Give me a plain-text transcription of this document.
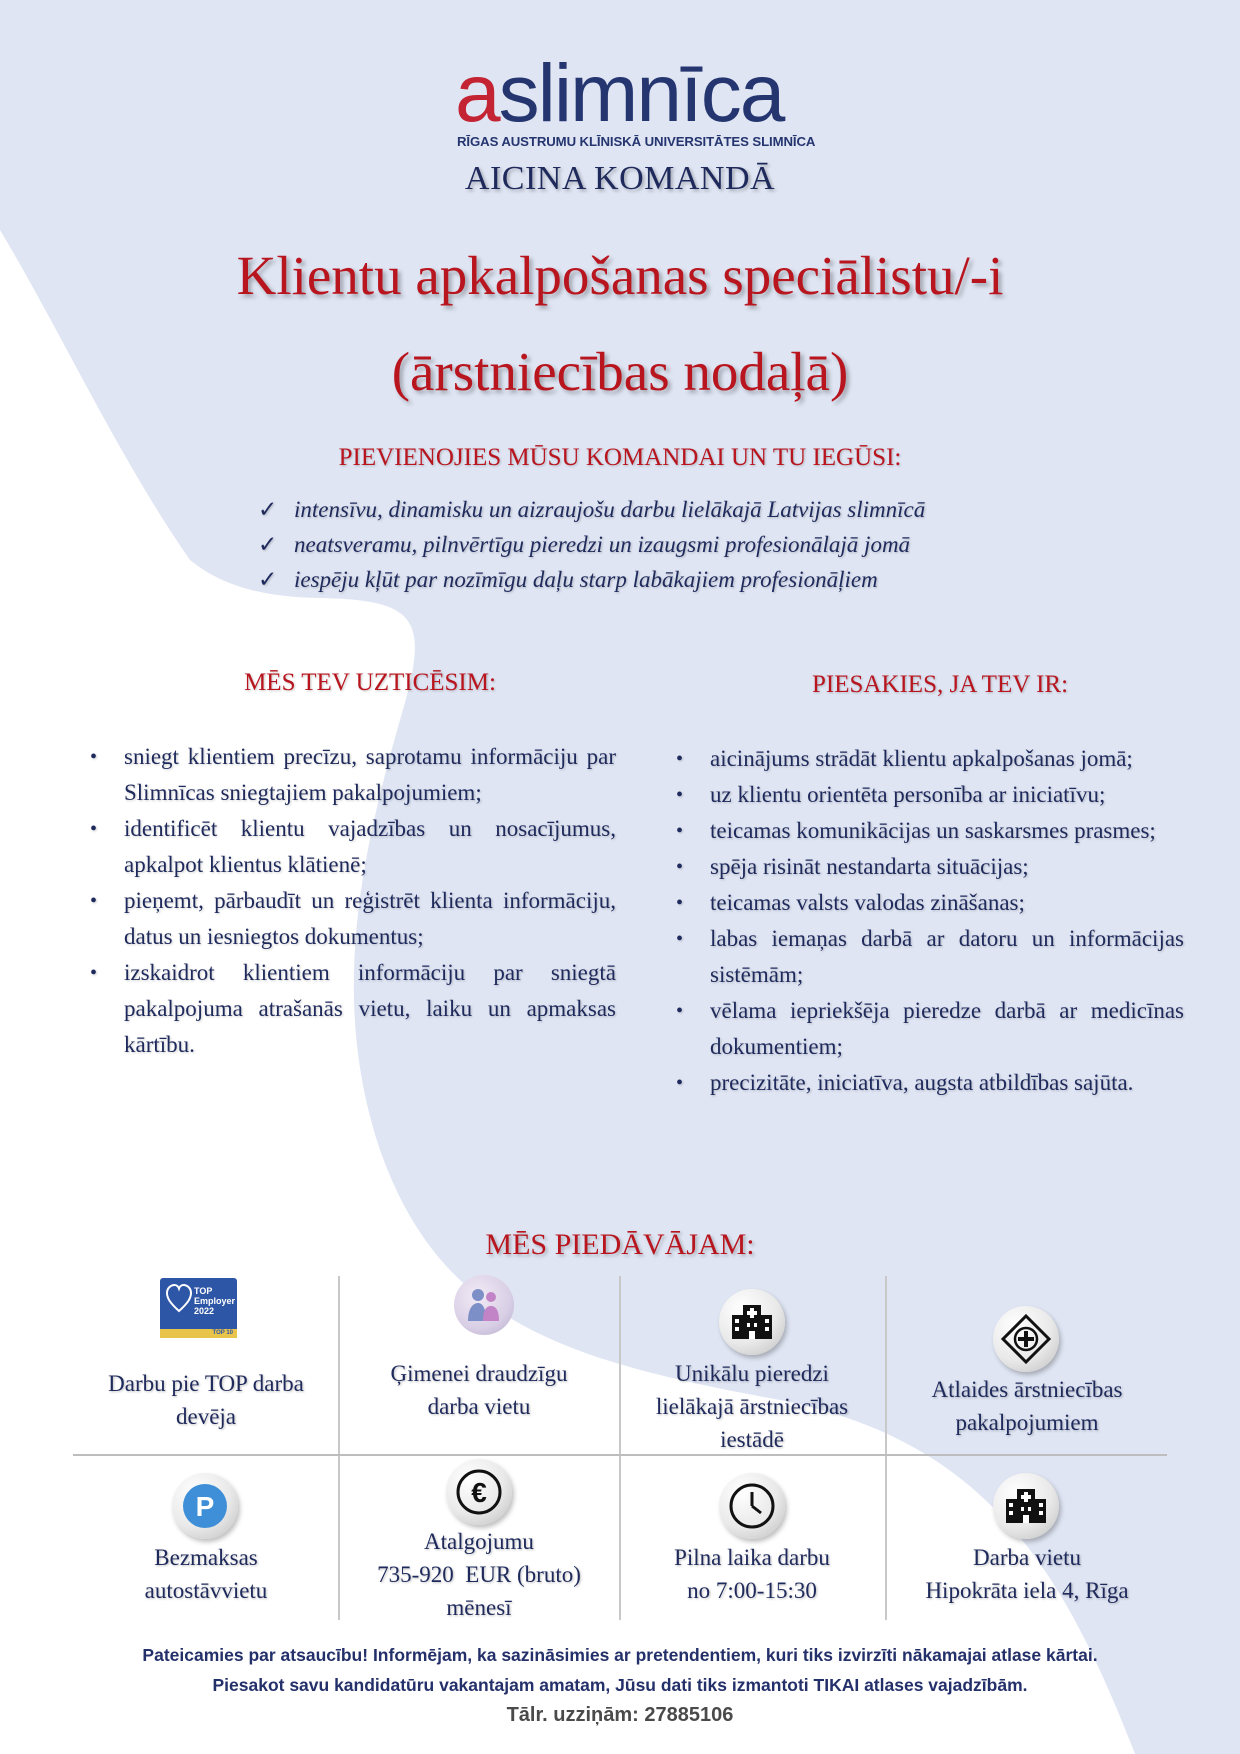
aslimnīca
RĪGAS AUSTRUMU KLĪNISKĀ UNIVERSITĀTES SLIMNĪCA
AICINA KOMANDĀ
Klientu apkalpošanas speciālistu/-i
(ārstniecības nodaļā)
PIEVIENOJIES MŪSU KOMANDAI UN TU IEGŪSI:
✓ intensīvu, dinamisku un aizraujošu darbu lielākajā Latvijas slimnīcā
✓ neatsveramu, pilnvērtīgu pieredzi un izaugsmi profesionālajā jomā
✓ iespēju kļūt par nozīmīgu daļu starp labākajiem profesionāļiem
MĒS TEV UZTICĒSIM:	PIESAKIES, JA TEV IR:
• sniegt klientiem precīzu, saprotamu informāciju par Slimnīcas sniegtajiem pakalpojumiem;
• identificēt klientu vajadzības un nosacījumus, apkalpot klientus klātienē;
• pieņemt, pārbaudīt un reģistrēt klienta informāciju, datus un iesniegtos dokumentus;
• izskaidrot klientiem informāciju par sniegtā pakalpojuma atrašanās vietu, laiku un apmaksas kārtību.
• aicinājums strādāt klientu apkalpošanas jomā;
• uz klientu orientēta personība ar iniciatīvu;
• teicamas komunikācijas un saskarsmes prasmes;
• spēja risināt nestandarta situācijas;
• teicamas valsts valodas zināšanas;
• labas iemaņas darbā ar datoru un informācijas sistēmām;
• vēlama iepriekšēja pieredze darbā ar medicīnas dokumentiem;
• precizitāte, iniciatīva, augsta atbildības sajūta.
MĒS PIEDĀVĀJAM:
TOP
Employer
2022
TOP 10
Darbu pie TOP darba
devēja
Ģimenei draudzīgu
darba vietu
Unikālu pieredzi
lielākajā ārstniecības
iestādē
Atlaides ārstniecības
pakalpojumiem
P	€
Bezmaksas
autostāvvietu
Atalgojumu
735-920  EUR (bruto)
mēnesī
Pilna laika darbu
no 7:00-15:30
Darba vietu
Hipokrāta iela 4, Rīga
Pateicamies par atsaucību! Informējam, ka sazināsimies ar pretendentiem, kuri tiks izvirzīti nākamajai atlase kārtai.
Piesakot savu kandidatūru vakantajam amatam, Jūsu dati tiks izmantoti TIKAI atlases vajadzībām.
Tālr. uzziņām: 27885106
